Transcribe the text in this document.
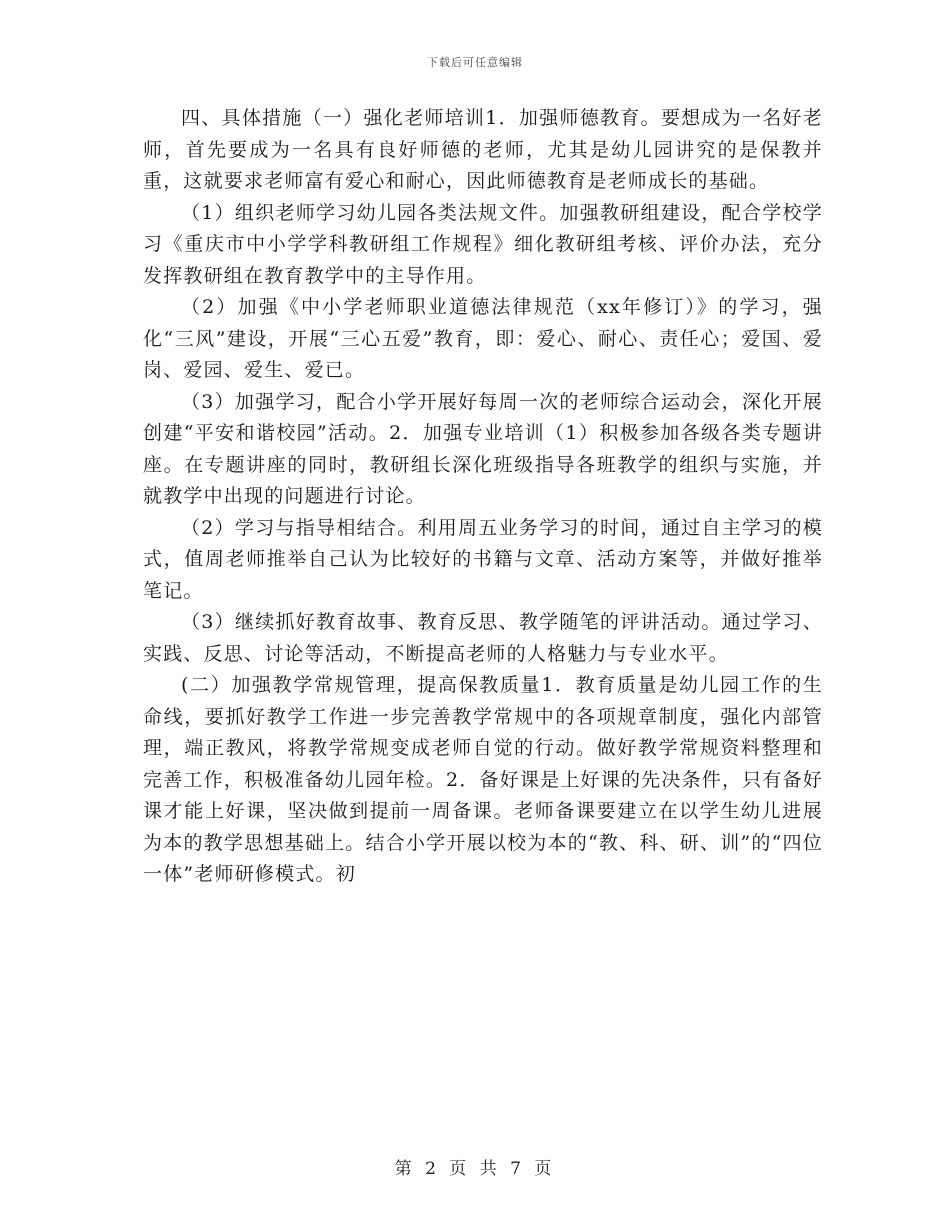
下载后可任意编辑

四、具体措施（一）强化老师培训1．加强师德教育。要想成为一名好老师，首先要成为一名具有良好师德的老师，尤其是幼儿园讲究的是保教并重，这就要求老师富有爱心和耐心，因此师德教育是老师成长的基础。

（1）组织老师学习幼儿园各类法规文件。加强教研组建设，配合学校学习《重庆市中小学学科教研组工作规程》细化教研组考核、评价办法，充分发挥教研组在教育教学中的主导作用。

（2）加强《中小学老师职业道德法律规范（xx年修订）》的学习，强化“三风”建设，开展“三心五爱”教育，即：爱心、耐心、责任心；爱国、爱岗、爱园、爱生、爱已。

（3）加强学习，配合小学开展好每周一次的老师综合运动会，深化开展创建“平安和谐校园”活动。2．加强专业培训（1）积极参加各级各类专题讲座。在专题讲座的同时，教研组长深化班级指导各班教学的组织与实施，并就教学中出现的问题进行讨论。

（2）学习与指导相结合。利用周五业务学习的时间，通过自主学习的模式，值周老师推举自己认为比较好的书籍与文章、活动方案等，并做好推举笔记。

（3）继续抓好教育故事、教育反思、教学随笔的评讲活动。通过学习、实践、反思、讨论等活动，不断提高老师的人格魅力与专业水平。

(二）加强教学常规管理，提高保教质量1．教育质量是幼儿园工作的生命线，要抓好教学工作进一步完善教学常规中的各项规章制度，强化内部管理，端正教风，将教学常规变成老师自觉的行动。做好教学常规资料整理和完善工作，积极准备幼儿园年检。2．备好课是上好课的先决条件，只有备好课才能上好课，坚决做到提前一周备课。老师备课要建立在以学生幼儿进展为本的教学思想基础上。结合小学开展以校为本的“教、科、研、训”的“四位一体”老师研修模式。初

第 2 页 共 7 页
